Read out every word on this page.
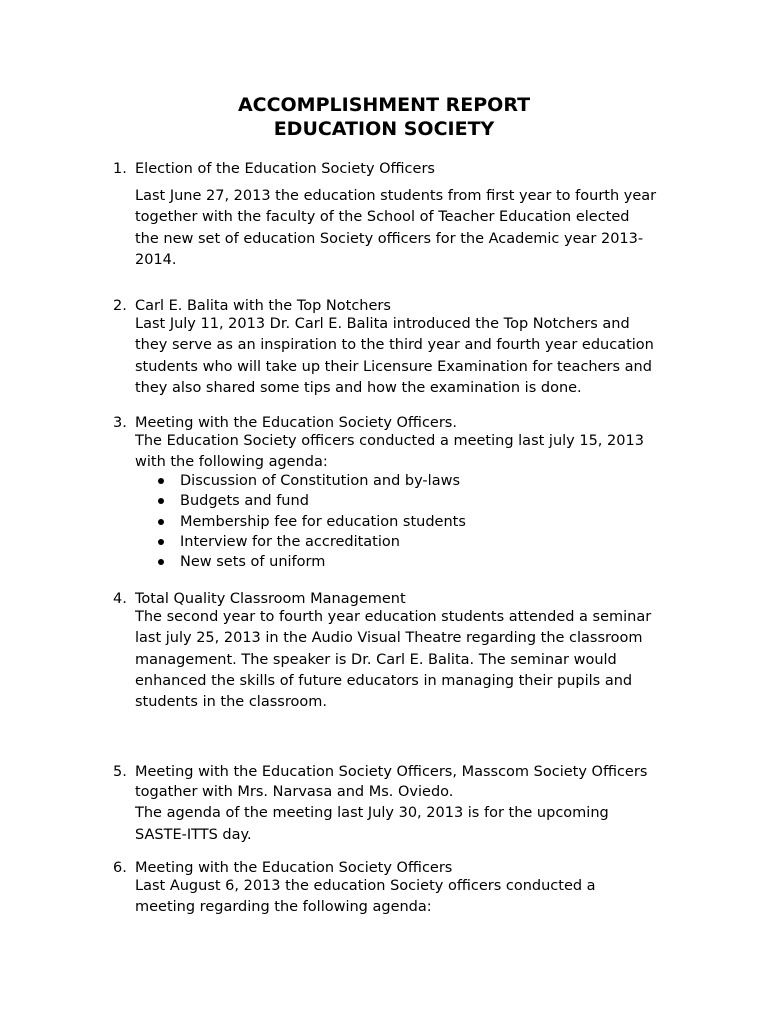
ACCOMPLISHMENT REPORT
EDUCATION SOCIETY
1. Election of the Education Society Officers
Last June 27, 2013 the education students from first year to fourth year
together with the faculty of the School of Teacher Education elected
the new set of education Society officers for the Academic year 2013-
2014.
2. Carl E. Balita with the Top Notchers
Last July 11, 2013 Dr. Carl E. Balita introduced the Top Notchers and
they serve as an inspiration to the third year and fourth year education
students who will take up their Licensure Examination for teachers and
they also shared some tips and how the examination is done.
3. Meeting with the Education Society Officers.
The Education Society officers conducted a meeting last july 15, 2013
with the following agenda:
Discussion of Constitution and by-laws
Budgets and fund
Membership fee for education students
Interview for the accreditation
New sets of uniform
4. Total Quality Classroom Management
The second year to fourth year education students attended a seminar
last july 25, 2013 in the Audio Visual Theatre regarding the classroom
management. The speaker is Dr. Carl E. Balita. The seminar would
enhanced the skills of future educators in managing their pupils and
students in the classroom.
5. Meeting with the Education Society Officers, Masscom Society Officers
togather with Mrs. Narvasa and Ms. Oviedo.
The agenda of the meeting last July 30, 2013 is for the upcoming
SASTE-ITTS day.
6. Meeting with the Education Society Officers
Last August 6, 2013 the education Society officers conducted a
meeting regarding the following agenda:
